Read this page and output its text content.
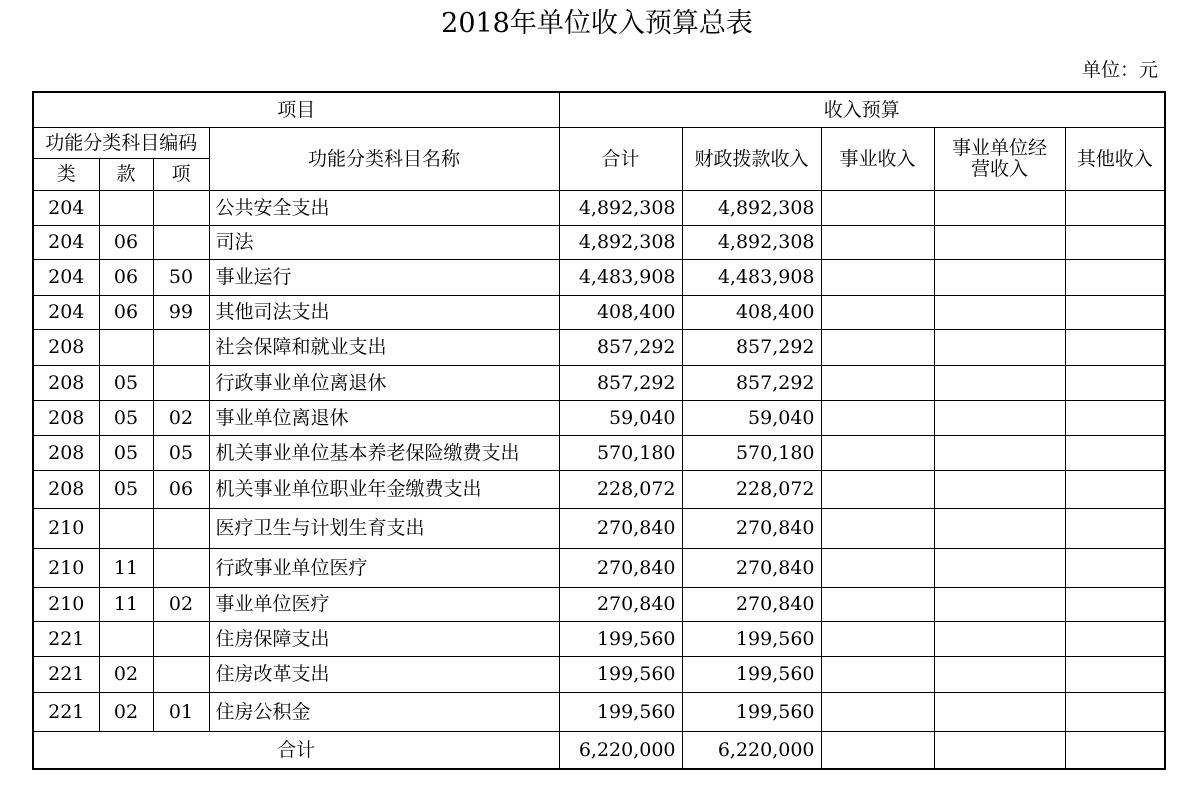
2018年单位收入预算总表
单位：元
项目				收入预算				
功能分类科目编码			功能分类科目名称	合计	财政拨款收入	事业收入	事业单位经营收入	其他收入
类	款	项						
204			公共安全支出	4,892,308	4,892,308			
204	06		司法	4,892,308	4,892,308			
204	06	50	事业运行	4,483,908	4,483,908			
204	06	99	其他司法支出	408,400	408,400			
208			社会保障和就业支出	857,292	857,292			
208	05		行政事业单位离退休	857,292	857,292			
208	05	02	事业单位离退休	59,040	59,040			
208	05	05	机关事业单位基本养老保险缴费支出	570,180	570,180			
208	05	06	机关事业单位职业年金缴费支出	228,072	228,072			
210			医疗卫生与计划生育支出	270,840	270,840			
210	11		行政事业单位医疗	270,840	270,840			
210	11	02	事业单位医疗	270,840	270,840			
221			住房保障支出	199,560	199,560			
221	02		住房改革支出	199,560	199,560			
221	02	01	住房公积金	199,560	199,560			
合计				6,220,000	6,220,000			
